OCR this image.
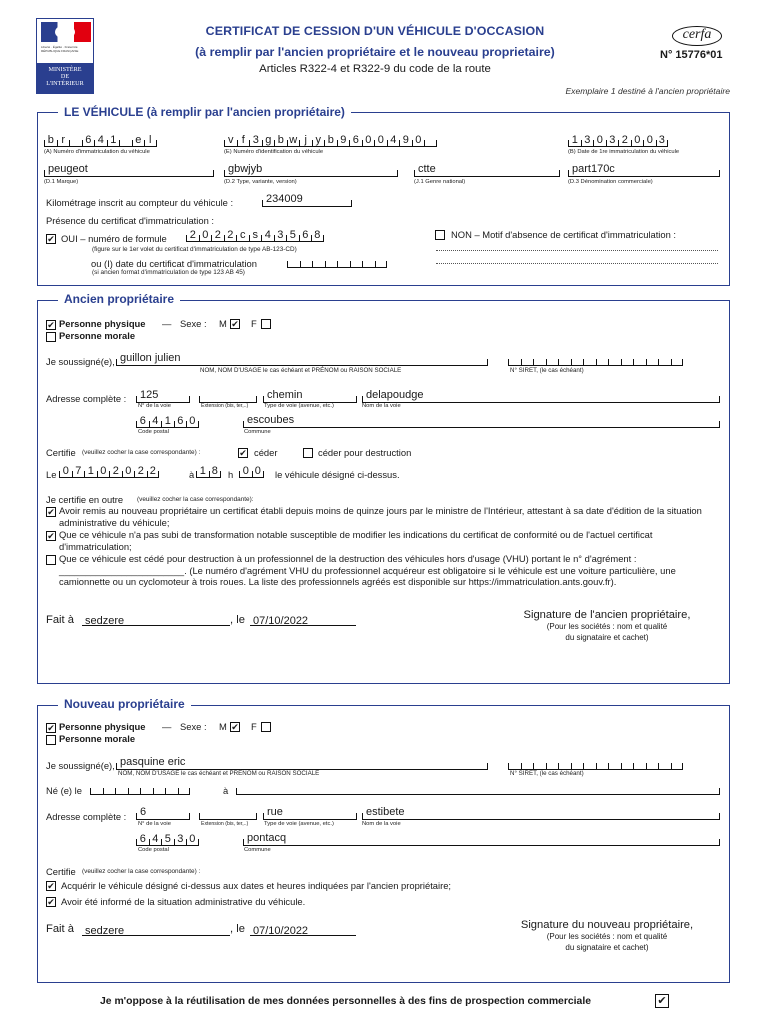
Liberté · Égalité · Fraternité
RÉPUBLIQUE FRANÇAISE
MINISTÈRE
DE
L'INTÉRIEUR
CERTIFICAT DE CESSION D'UN VÉHICULE D'OCCASION
(à remplir par l'ancien propriétaire et le nouveau proprietaire)
Articles R322-4 et R322-9 du code de la route
cerfa
N° 15776*01
Exemplaire 1 destiné à l'ancien propriétaire
LE VÉHICULE (à remplir par l'ancien propriétaire)
b r	6 4 1 e l
(A) Numéro d'immatriculation du véhicule
v f 3 g b w j y b 9 6 0 0 4 9 0
(E) Numéro d'identification du véhicule
1 3 0 3 2 0 0 3
(B) Date de 1re immatriculation du véhicule
peugeot
(D.1 Marque)
gbwjyb
(D.2 Type, variante, version)
ctte
(J.1 Genre national)
part170c
(D.3 Dénomination commerciale)
Kilométrage inscrit au compteur du véhicule :	234009
Présence du certificat d'immatriculation :
✔ OUI – numéro de formule 2 0 2 2 c s 4 3 5 6 8
(figure sur le 1er volet du certificat d'immatriculation de type AB-123-CD)
ou (I) date du certificat d'immatriculation
(si ancien format d'immatriculation de type 123 AB 45)
NON – Motif d'absence de certificat d'immatriculation :
Ancien propriétaire
✔ Personne physique — Sexe : M ✔ F
Personne morale
Je soussigné(e), guillon julien
NOM, NOM D'USAGE le cas échéant et PRÉNOM ou RAISON SOCIALE	N° SIRET, (le cas échéant)
Adresse complète :	125	chemin	delapoudge
N° de la voie	Extension (bis, ter,..)	Type de voie (avenue, etc.)	Nom de la voie
6 4 1 6 0	escoubes
Code postal	Commune
Certifie (veuillez cocher la case correspondante) :	✔ céder	céder pour destruction
Le 0 7 1 0 2 0 2 2	à 1 8 h 0 0 le véhicule désigné ci-dessus.
Je certifie en outre (veuillez cocher la case correspondante):
✔ Avoir remis au nouveau propriétaire un certificat établi depuis moins de quinze jours par le ministre de l'Intérieur, attestant à sa date d'édition de la situation administrative du véhicule;
✔ Que ce véhicule n'a pas subi de transformation notable susceptible de modifier les indications du certificat de conformité ou de l'actuel certificat d'immatriculation;
Que ce véhicule est cédé pour destruction à un professionnel de la destruction des véhicules hors d'usage (VHU) portant le n° d'agrément : ________________________. (Le numéro d'agrément VHU du professionnel acquéreur est obligatoire si le véhicule est une voiture particulière, une camionnette ou un cyclomoteur à trois roues. La liste des professionnels agréés est disponible sur https://immatriculation.ants.gouv.fr).
Fait à sedzere	, le 07/10/2022	Signature de l'ancien propriétaire,
(Pour les sociétés : nom et qualité
du signataire et cachet)
Nouveau propriétaire
✔ Personne physique — Sexe : M ✔ F
Personne morale
Je soussigné(e), pasquine eric
NOM, NOM D'USAGE le cas échéant et PRÉNOM ou RAISON SOCIALE	N° SIRET, (le cas échéant)
Né (e) le	à
Adresse complète :	6	rue	estibete
N° de la voie	Extension (bis, ter,..)	Type de voie (avenue, etc.)	Nom de la voie
6 4 5 3 0	pontacq
Code postal	Commune
Certifie (veuillez cocher la case correspondante) :
✔ Acquérir le véhicule désigné ci-dessus aux dates et heures indiquées par l'ancien propriétaire;
✔ Avoir été informé de la situation administrative du véhicule.
Fait à sedzere	, le 07/10/2022	Signature du nouveau propriétaire,
(Pour les sociétés : nom et qualité
du signataire et cachet)
Je m'oppose à la réutilisation de mes données personnelles à des fins de prospection commerciale	✔
